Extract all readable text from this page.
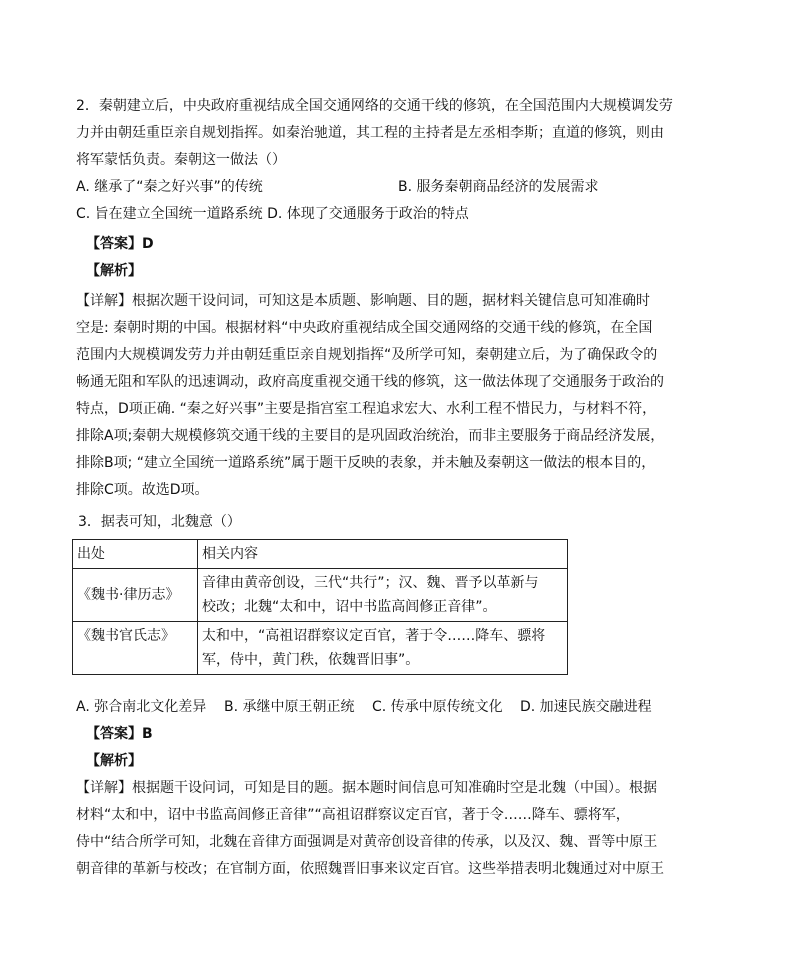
2．秦朝建立后，中央政府重视结成全国交通网络的交通干线的修筑，在全国范围内大规模调发劳
力并由朝廷重臣亲自规划指挥。如秦治驰道，其工程的主持者是左丞相李斯；直道的修筑，则由
将军蒙恬负责。秦朝这一做法（）
A. 继承了“秦之好兴事”的传统	B. 服务秦朝商品经济的发展需求
C. 旨在建立全国统一道路系统 D. 体现了交通服务于政治的特点
【答案】D
【解析】
【详解】根据次题干设问词，可知这是本质题、影响题、目的题，据材料关键信息可知准确时
空是: 秦朝时期的中国。根据材料“中央政府重视结成全国交通网络的交通干线的修筑，在全国
范围内大规模调发劳力并由朝廷重臣亲自规划指挥“及所学可知，秦朝建立后，为了确保政令的
畅通无阻和军队的迅速调动，政府高度重视交通干线的修筑，这一做法体现了交通服务于政治的
特点，D项正确. “秦之好兴事”主要是指宫室工程追求宏大、水利工程不惜民力，与材料不符，
排除A项;秦朝大规模修筑交通干线的主要目的是巩固政治统治，而非主要服务于商品经济发展，
排除B项; “建立全国统一道路系统”属于题干反映的表象，并未触及秦朝这一做法的根本目的，
排除C项。故选D项。
3．据表可知，北魏意（）
出处	相关内容
《魏书·律历志》	音律由黄帝创设，三代“共行”；汉、魏、晋予以革新与
校改；北魏“太和中，诏中书监高闾修正音律”。

《魏书官氏志》	太和中，“高祖诏群察议定百官，著于令……降车、骠将
军，侍中，黄门秩，依魏晋旧事”。
A. 弥合南北文化差异 B. 承继中原王朝正统 C. 传承中原传统文化 D. 加速民族交融进程
【答案】B
【解析】
【详解】根据题干设问词，可知是目的题。据本题时间信息可知准确时空是北魏（中国）。根据
材料“太和中，诏中书监高闾修正音律”“高祖诏群察议定百官，著于令……降车、骠将军，
侍中“结合所学可知，北魏在音律方面强调是对黄帝创设音律的传承，以及汉、魏、晋等中原王
朝音律的革新与校改；在官制方面，依照魏晋旧事来议定百官。这些举措表明北魏通过对中原王
